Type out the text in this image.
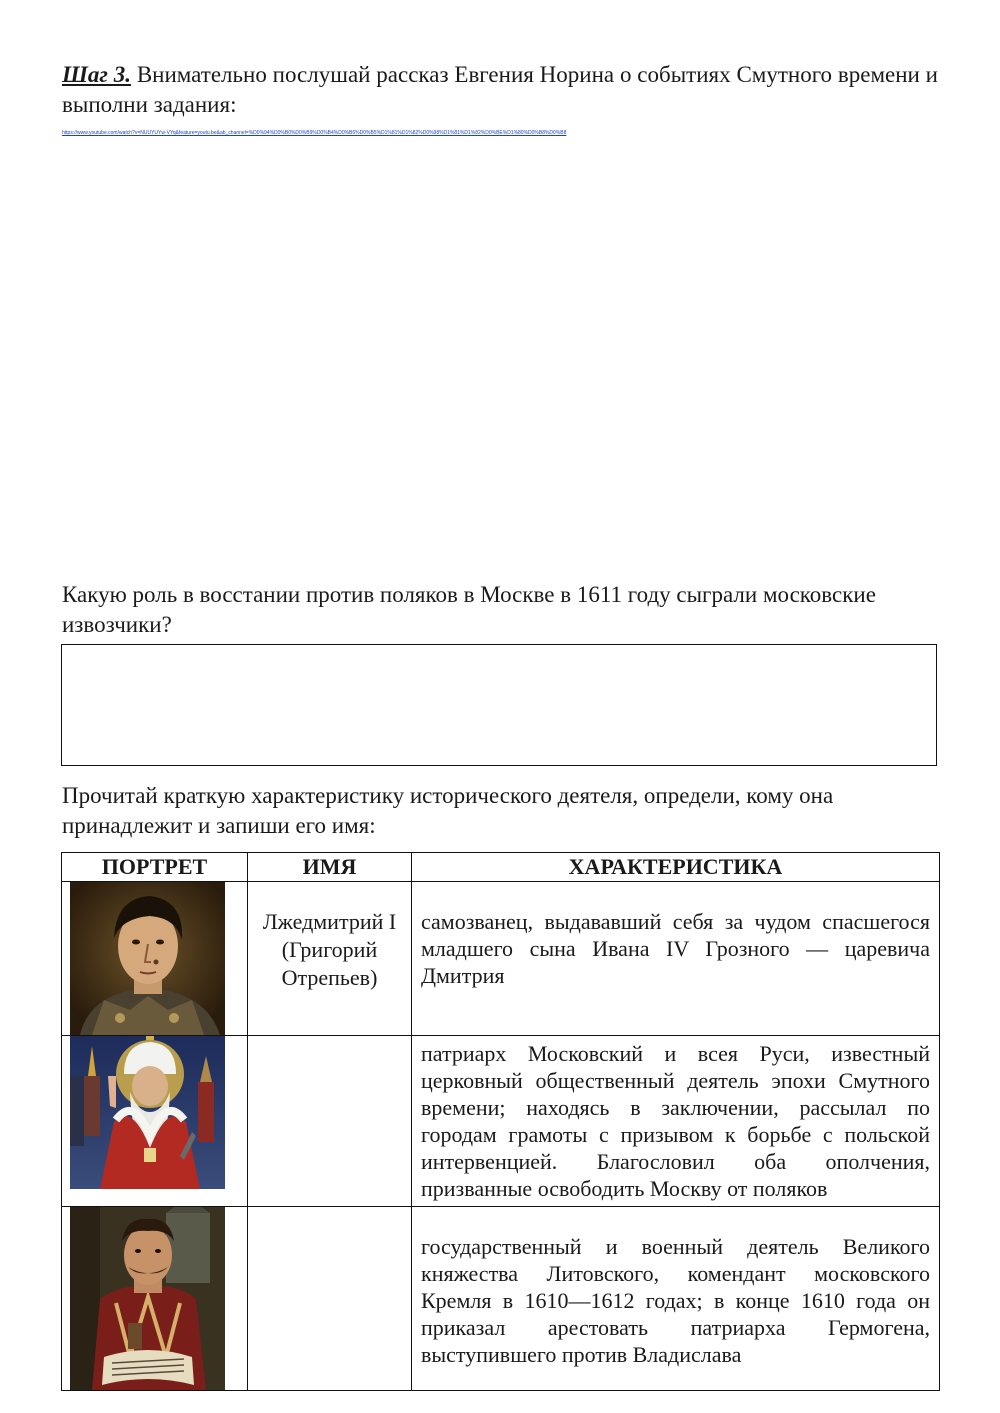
Шаг 3. Внимательно послушай рассказ Евгения Норина о событиях Смутного времени и выполни задания:
https://www.youtube.com/watch?v=NUUYUYw-VYq&feature=youtu.be&ab_channel=%D0%94%D0%B0%D0%B9%D0%B4%D0%B6%D0%B5%D1%81%D1%82%D0%98%D1%81%D1%82%D0%BE%D1%80%D0%B8%D0%B8
Какую роль в восстании против поляков в Москве в 1611 году сыграли московские извозчики?
Прочитай краткую характеристику исторического деятеля, определи, кому она принадлежит и запиши его имя:
ПОРТРЕТ	ИМЯ	ХАРАКТЕРИСТИКА

	Лжедмитрий I (Григорий Отрепьев)	самозванец, выдававший себя за чудом спасшегося младшего сына Ивана IV Грозного — царевича Дмитрия

		патриарх Московский и всея Руси, известный церковный общественный деятель эпохи Смутного времени; находясь в заключении, рассылал по городам грамоты с призывом к борьбе с польской интервенцией. Благословил оба ополчения, призванные освободить Москву от поляков

		государственный и военный деятель Великого княжества Литовского, комендант московского Кремля в 1610—1612 годах; в конце 1610 года он приказал арестовать патриарха Гермогена, выступившего против Владислава
